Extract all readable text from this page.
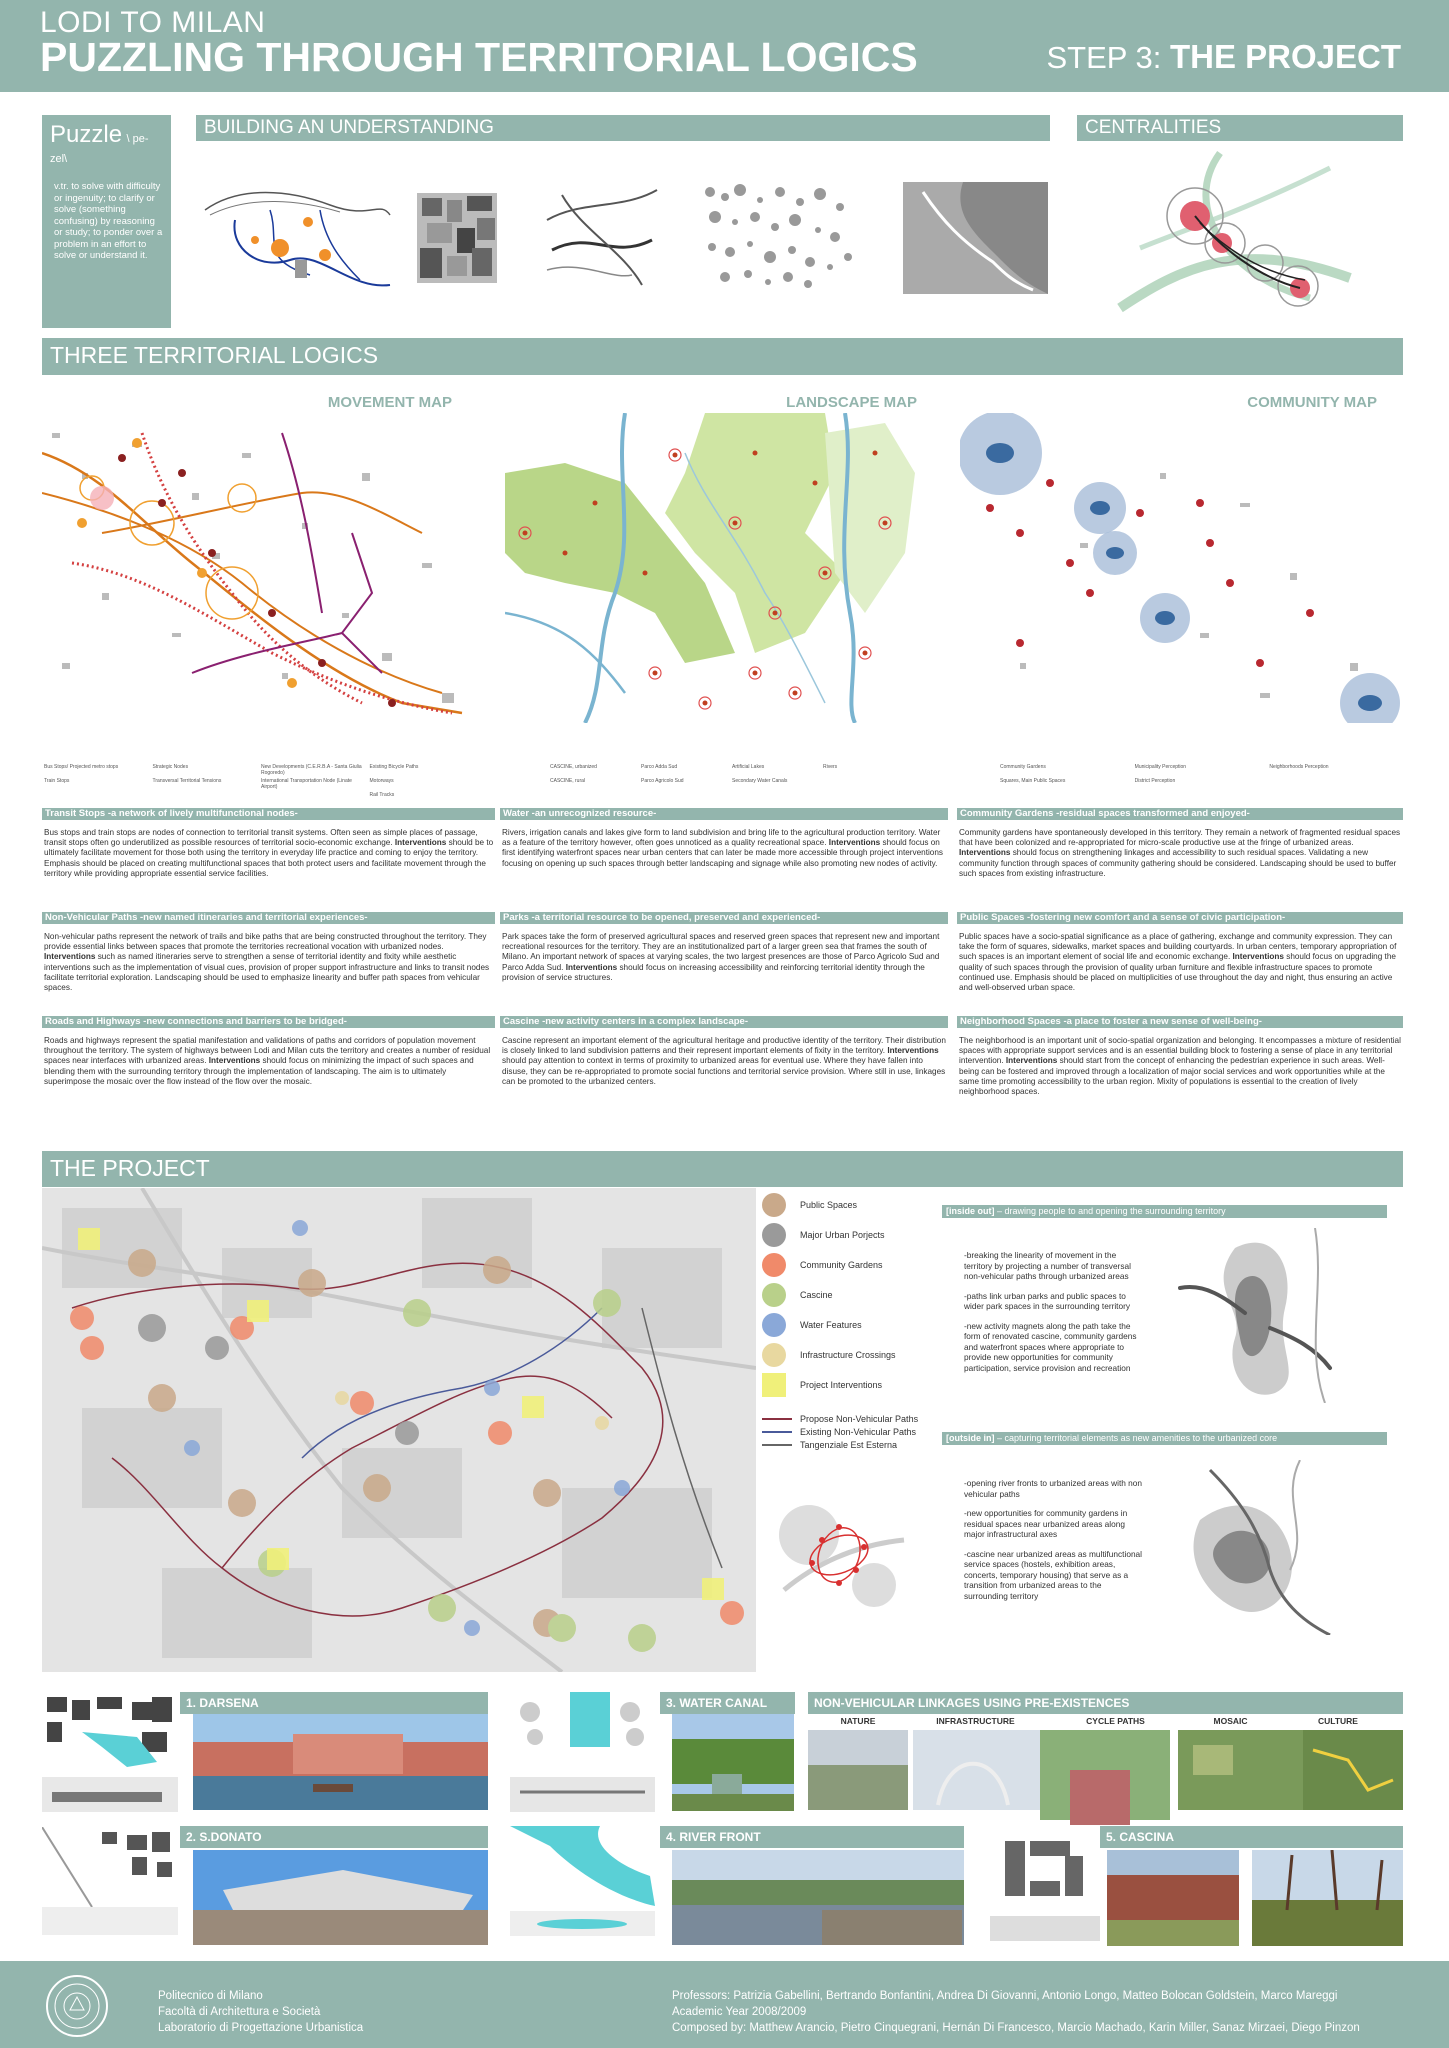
LODI TO MILAN
PUZZLING THROUGH TERRITORIAL LOGICS	STEP 3: THE PROJECT
Puzzle \ pe-zel\
v.tr. to solve with difficulty or ingenuity; to clarify or solve (something confusing) by reasoning or study; to ponder over a problem in an effort to solve or understand it.
BUILDING AN UNDERSTANDING	CENTRALITIES
THREE TERRITORIAL LOGICS
MOVEMENT MAP	LANDSCAPE MAP	COMMUNITY MAP
Bus Stops/ Projected metro stops	Strategic Nodes	New Developments (C.E.R.B.A - Santa Giulia Rogoredo)
Existing Bicycle Paths
Train Stops	Transversal Territorial Tensions	International Transportation Node (Linate Airport)
Motorways
Rail Tracks
CASCINE, urbanized	Parco Adda Sud	Artificial Lakes	Rivers
CASCINE, rural	Parco Agricolo Sud	Secondary Water Canals
Community Gardens	Municipality Perception	Neighborhoods Perception
Squares, Main Public Spaces	District Perception
Transit Stops -a network of lively multifunctional nodes-

Bus stops and train stops are nodes of connection to territorial transit systems. Often seen as simple places of passage, transit stops often go underutilized as possible resources of territorial socio-economic exchange. Interventions should be to ultimately facilitate movement for those both using the territory in everyday life practice and coming to enjoy the territory. Emphasis should be placed on creating multifunctional spaces that both protect users and facilitate movement through the territory while providing appropriate essential service facilities.

Non-Vehicular Paths -new named itineraries and territorial experiences-

Non-vehicular paths represent the network of trails and bike paths that are being constructed throughout the territory. They provide essential links between spaces that promote the territories recreational vocation with urbanized nodes. Interventions such as named itineraries serve to strengthen a sense of territorial identity and fixity while aesthetic interventions such as the implementation of visual cues, provision of proper support infrastructure and links to transit nodes facilitate territorial exploration. Landscaping should be used to emphasize linearity and buffer path spaces from vehicular spaces.

Roads and Highways -new connections and barriers to be bridged-

Roads and highways represent the spatial manifestation and validations of paths and corridors of population movement throughout the territory. The system of highways between Lodi and Milan cuts the territory and creates a number of residual spaces near interfaces with urbanized areas. Interventions should focus on minimizing the impact of such spaces and blending them with the surrounding territory through the implementation of landscaping. The aim is to ultimately superimpose the mosaic over the flow instead of the flow over the mosaic.

Water -an unrecognized resource-

Rivers, irrigation canals and lakes give form to land subdivision and bring life to the agricultural production territory. Water as a feature of the territory however, often goes unnoticed as a quality recreational space. Interventions should focus on first identifying waterfront spaces near urban centers that can later be made more accessible through project interventions focusing on opening up such spaces through better landscaping and signage while also promoting new nodes of activity.

Parks -a territorial resource to be opened, preserved and experienced-

Park spaces take the form of preserved agricultural spaces and reserved green spaces that represent new and important recreational resources for the territory. They are an institutionalized part of a larger green sea that frames the south of Milano. An important network of spaces at varying scales, the two largest presences are those of Parco Agricolo Sud and Parco Adda Sud. Interventions should focus on increasing accessibility and reinforcing territorial identity through the provision of service structures.

Cascine -new activity centers in a complex landscape-

Cascine represent an important element of the agricultural heritage and productive identity of the territory. Their distribution is closely linked to land subdivision patterns and their represent important elements of fixity in the territory. Interventions should pay attention to context in terms of proximity to urbanized areas for eventual use. Where they have fallen into disuse, they can be re-appropriated to promote social functions and territorial service provision. Where still in use, linkages can be promoted to the urbanized centers.

Community Gardens -residual spaces transformed and enjoyed-

Community gardens have spontaneously developed in this territory. They remain a network of fragmented residual spaces that have been colonized and re-appropriated for micro-scale productive use at the fringe of urbanized areas. Interventions should focus on strengthening linkages and accessibility to such residual spaces. Validating a new community function through spaces of community gathering should be considered. Landscaping should be used to buffer such spaces from existing infrastructure.

Public Spaces -fostering new comfort and a sense of civic participation-

Public spaces have a socio-spatial significance as a place of gathering, exchange and community expression. They can take the form of squares, sidewalks, market spaces and building courtyards. In urban centers, temporary appropriation of such spaces is an important element of social life and economic exchange. Interventions should focus on upgrading the quality of such spaces through the provision of quality urban furniture and flexible infrastructure spaces to promote continued use. Emphasis should be placed on multiplicities of use throughout the day and night, thus ensuring an active and well-observed urban space.

Neighborhood Spaces -a place to foster a new sense of well-being-

The neighborhood is an important unit of socio-spatial organization and belonging. It encompasses a mixture of residential spaces with appropriate support services and is an essential building block to fostering a sense of place in any territorial intervention. Interventions should start from the concept of enhancing the pedestrian experience in such areas. Well-being can be fostered and improved through a localization of major social services and work opportunities while at the same time promoting accessibility to the urban region. Mixity of populations is essential to the creation of lively neighborhood spaces.

THE PROJECT
Public Spaces
Major Urban Porjects
Community Gardens
Cascine
Water Features
Infrastructure Crossings
Project Interventions
Propose Non-Vehicular Paths
Existing Non-Vehicular Paths
Tangenziale Est Esterna
[inside out] – drawing people to and opening the surrounding territory

-breaking the linearity of movement in the territory by projecting a number of transversal non-vehicular paths through urbanized areas

-paths link urban parks and public spaces to wider park spaces in the surrounding territory

-new activity magnets along the path take the form of renovated cascine, community gardens and waterfront spaces where appropriate to provide new opportunities for community participation, service provision and recreation

[outside in] – capturing territorial elements as new amenities to the urbanized core

-opening river fronts to urbanized areas with non vehicular paths

-new opportunities for community gardens in residual spaces near urbanized areas along major infrastructural axes

-cascine near urbanized areas as multifunctional service spaces (hostels, exhibition areas, concerts, temporary housing) that serve as a transition from urbanized areas to the surrounding territory

1. DARSENA
2. S.DONATO
3. WATER CANAL
4. RIVER FRONT
NON-VEHICULAR LINKAGES USING PRE-EXISTENCES
NATURE	INFRASTRUCTURE	CYCLE PATHS	MOSAIC	CULTURE
5. CASCINA
Politecnico di Milano
Facoltà di Architettura e Società
Laboratorio di Progettazione Urbanistica
Professors: Patrizia Gabellini, Bertrando Bonfantini, Andrea Di Giovanni, Antonio Longo, Matteo Bolocan Goldstein, Marco Mareggi
Academic Year 2008/2009
Composed by: Matthew Arancio, Pietro Cinquegrani, Hernán Di Francesco, Marcio Machado, Karin Miller, Sanaz Mirzaei, Diego Pinzon
